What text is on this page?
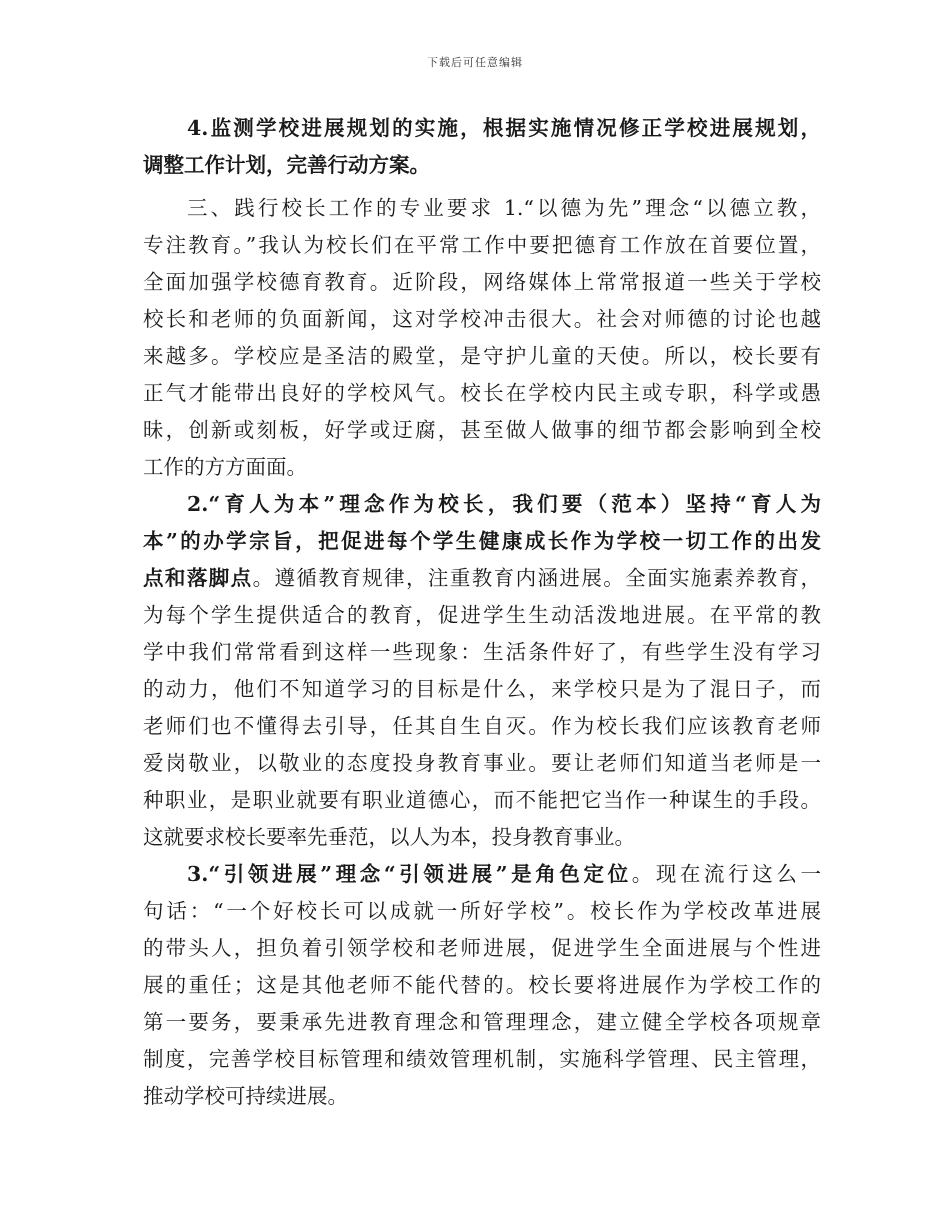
下载后可任意编辑
4.监测学校进展规划的实施，根据实施情况修正学校进展规划，
调整工作计划，完善行动方案。
三、践行校长工作的专业要求 1.“以德为先”理念“以德立教，
专注教育。”我认为校长们在平常工作中要把德育工作放在首要位置，
全面加强学校德育教育。近阶段，网络媒体上常常报道一些关于学校
校长和老师的负面新闻，这对学校冲击很大。社会对师德的讨论也越
来越多。学校应是圣洁的殿堂，是守护儿童的天使。所以，校长要有
正气才能带出良好的学校风气。校长在学校内民主或专职，科学或愚
昧，创新或刻板，好学或迂腐，甚至做人做事的细节都会影响到全校
工作的方方面面。
2.“育人为本”理念作为校长，我们要（范本）坚持“育人为
本”的办学宗旨，把促进每个学生健康成长作为学校一切工作的出发
点和落脚点。遵循教育规律，注重教育内涵进展。全面实施素养教育，
为每个学生提供适合的教育，促进学生生动活泼地进展。在平常的教
学中我们常常看到这样一些现象：生活条件好了，有些学生没有学习
的动力，他们不知道学习的目标是什么，来学校只是为了混日子，而
老师们也不懂得去引导，任其自生自灭。作为校长我们应该教育老师
爱岗敬业，以敬业的态度投身教育事业。要让老师们知道当老师是一
种职业，是职业就要有职业道德心，而不能把它当作一种谋生的手段。
这就要求校长要率先垂范，以人为本，投身教育事业。
3.“引领进展”理念“引领进展”是角色定位。现在流行这么一
句话：“一个好校长可以成就一所好学校”。校长作为学校改革进展
的带头人，担负着引领学校和老师进展，促进学生全面进展与个性进
展的重任；这是其他老师不能代替的。校长要将进展作为学校工作的
第一要务，要秉承先进教育理念和管理理念，建立健全学校各项规章
制度，完善学校目标管理和绩效管理机制，实施科学管理、民主管理，
推动学校可持续进展。
